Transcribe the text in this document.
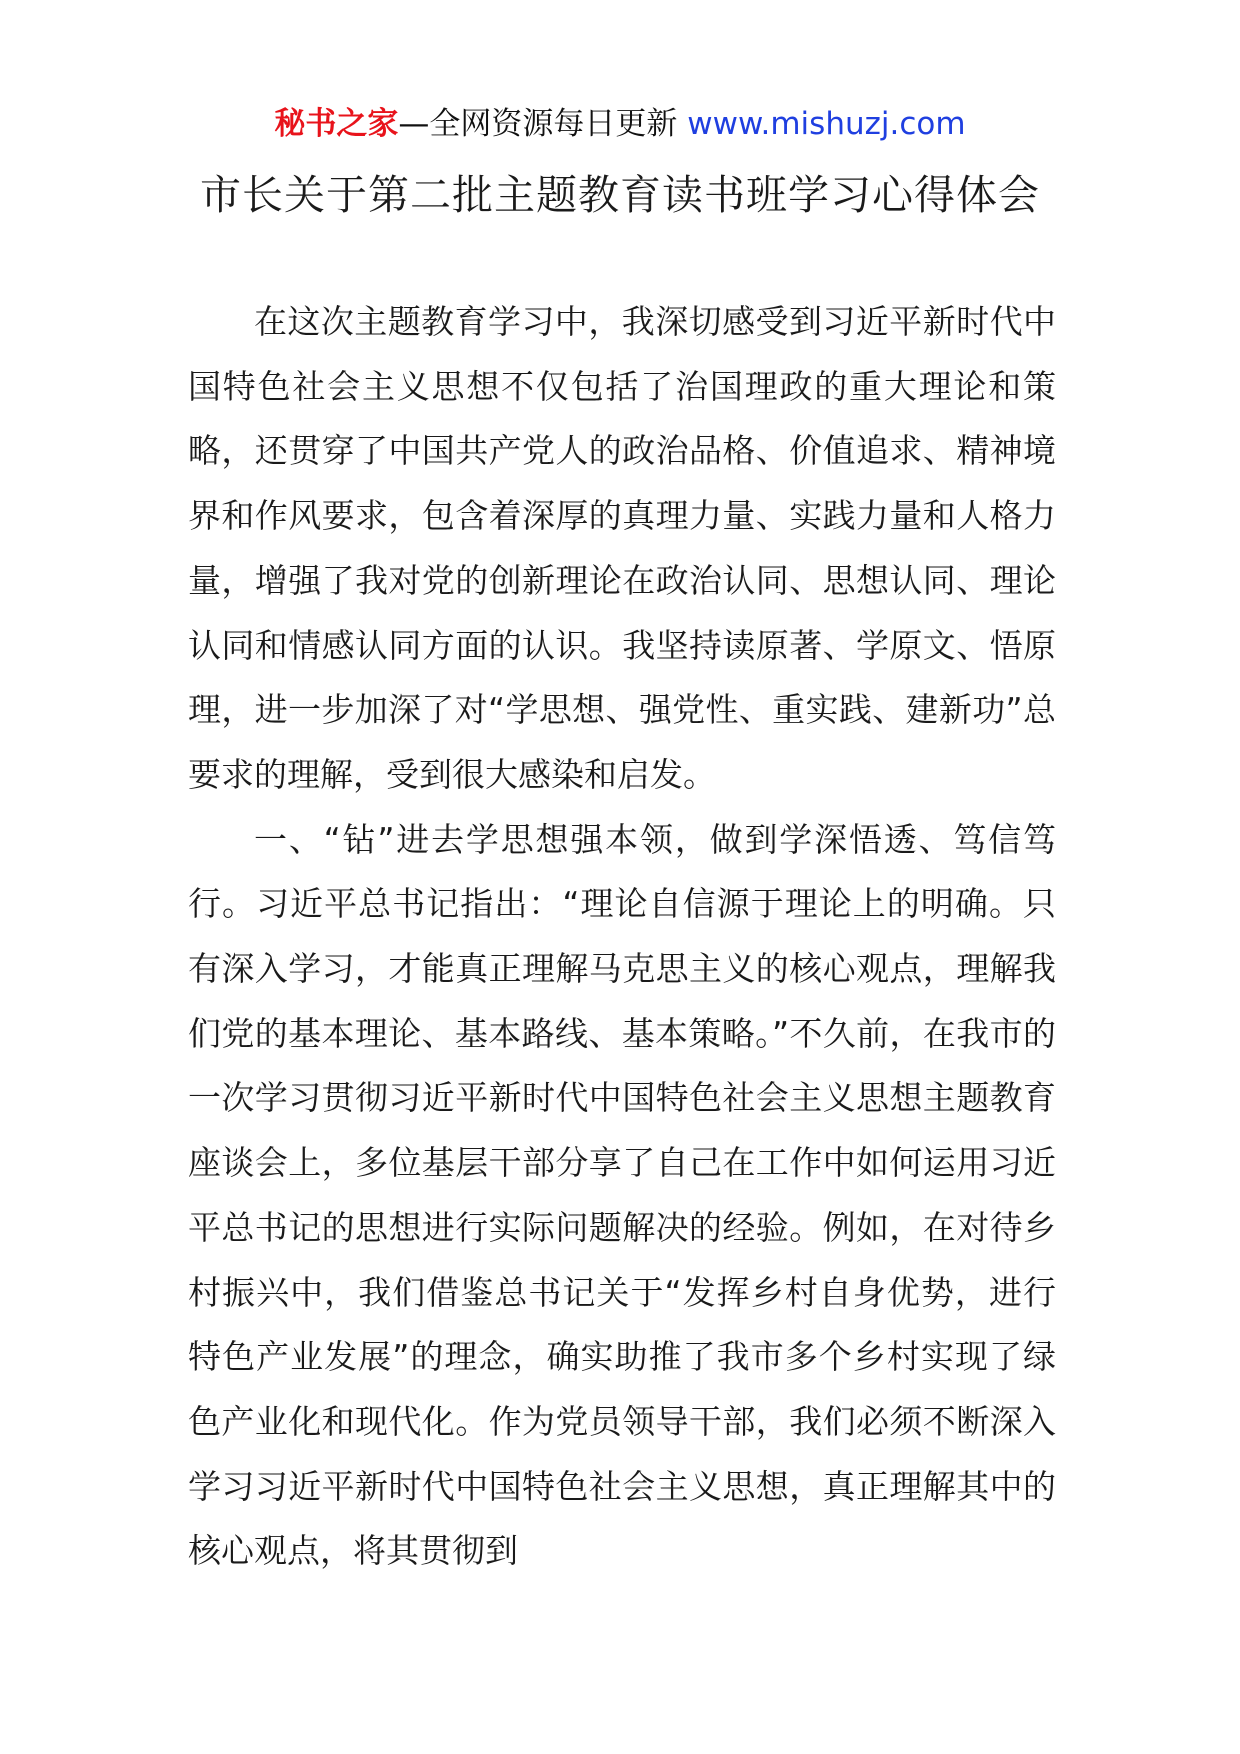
秘书之家—全网资源每日更新 www.mishuzj.com
市长关于第二批主题教育读书班学习心得体会

在这次主题教育学习中，我深切感受到习近平新时代中国特色社会主义思想不仅包括了治国理政的重大理论和策略，还贯穿了中国共产党人的政治品格、价值追求、精神境界和作风要求，包含着深厚的真理力量、实践力量和人格力量，增强了我对党的创新理论在政治认同、思想认同、理论认同和情感认同方面的认识。我坚持读原著、学原文、悟原理，进一步加深了对“学思想、强党性、重实践、建新功”总要求的理解，受到很大感染和启发。

一、“钻”进去学思想强本领，做到学深悟透、笃信笃行。习近平总书记指出：“理论自信源于理论上的明确。只有深入学习，才能真正理解马克思主义的核心观点，理解我们党的基本理论、基本路线、基本策略。”不久前，在我市的一次学习贯彻习近平新时代中国特色社会主义思想主题教育座谈会上，多位基层干部分享了自己在工作中如何运用习近平总书记的思想进行实际问题解决的经验。例如，在对待乡村振兴中，我们借鉴总书记关于“发挥乡村自身优势，进行特色产业发展”的理念，确实助推了我市多个乡村实现了绿色产业化和现代化。作为党员领导干部，我们必须不断深入学习习近平新时代中国特色社会主义思想，真正理解其中的核心观点，将其贯彻到
